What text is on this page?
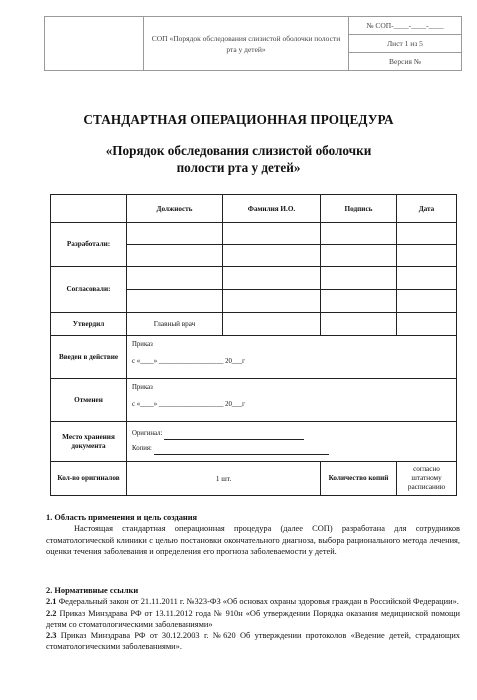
	СОП «Порядок обследования слизистой оболочки полости рта у детей»	№ СОП-____-____-____
Лист 1 из 5
Версия №
СТАНДАРТНАЯ ОПЕРАЦИОННАЯ ПРОЦЕДУРА
«Порядок обследования слизистой оболочки
полости рта у детей»
	Должность	Фамилия И.О.	Подпись	Дата
Разработали:	

Согласовали:	

Утвердил	Главный врач			
Введен в действие	
Приказ
с «____» ___________________ 20___г

Отменен	
Приказ
с «____» ___________________ 20___г

Место хранения документа	
Оригинал:
Копия:

Кол-во оригиналов	1 шт.	Количество копий	согласно штатному расписанию
1. Область применения и цель создания
Настоящая стандартная операционная процедура (далее СОП) разработана для сотрудников стоматологической клиники с целью постановки окончательного диагноза, выбора рационального метода лечения, оценки течения заболевания и определения его прогноза заболеваемости у детей.
2. Нормативные ссылки
2.1 Федеральный закон от 21.11.2011 г. №323-ФЗ «Об основах охраны здоровья граждан в Российской Федерации».
2.2 Приказ Минздрава РФ от 13.11.2012 года № 910н «Об утверждении Порядка оказания медицинской помощи детям со стоматологическими заболеваниями»
2.3 Приказ Минздрава РФ от 30.12.2003 г. №620 Об утверждении протоколов «Ведение детей, страдающих стоматологическими заболеваниями».
